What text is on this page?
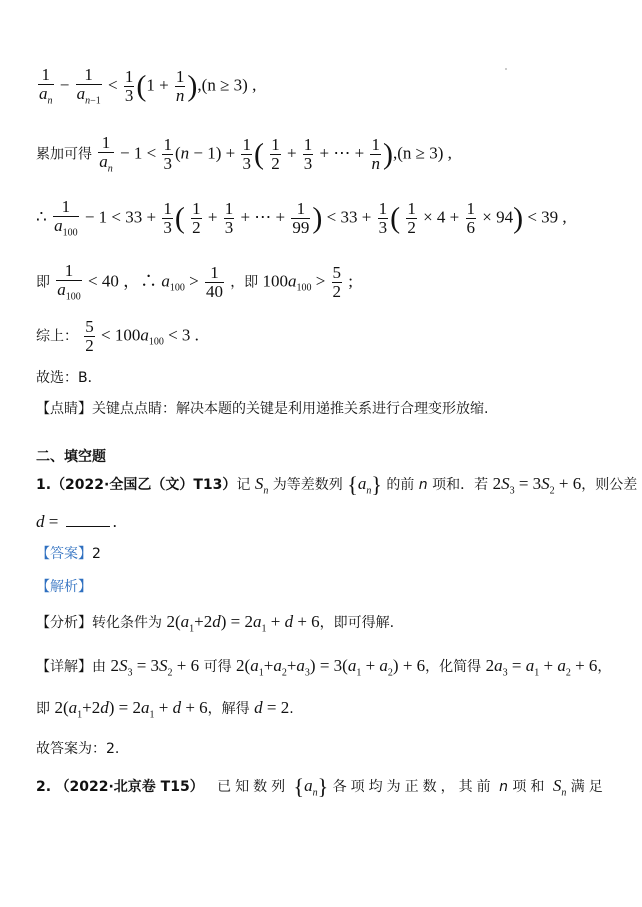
$\frac{1}{a_n} - \frac{1}{a_{n-1}} < \frac{1}{3} (1 + \frac{1}{n} ),(n \ge 3)$ ,
累加可得 $\frac{1}{a_n} - 1 < \frac{1}{3} (n - 1) + \frac{1}{3}$ ( $\frac{1}{2} + \frac{1}{3}$ + ⋯ + $\frac{1}{n} ),(n \ge 3)$ ,
∴ $\frac{1}{a_{100}} - 1 < 33 + \frac{1}{3}$ ( $\frac{1}{2} + \frac{1}{3}$ + ⋯ + $\frac{1}{99}$ ) < $33 + \frac{1}{3}$ ( $\frac{1}{2} \times 4 + \frac{1}{6} \times 94) < 39$ ,
即 $\frac{1}{a_{100}} < 40$ ，∴ $a_{100} > \frac{1}{40}$ ，即 $100a_{100} > \frac{5}{2}$ ;
综上： $\frac{5}{2} < 100a_{100} < 3$ .
故选：B．
【点睛】关键点点睛：解决本题的关键是利用递推关系进行合理变形放缩.
二、填空题
1.（2022·全国乙（文）T13）记 $S_n$ 为等差数列 $\{a_n\}$ 的前 n 项和．若 $2S_3 = 3S_2 + 6$，则公差
d =	.
【答案】2
【解析】
【分析】转化条件为 $2(a_1+2d) = 2a_1 + d + 6$，即可得解.
【详解】由 $2S_3 = 3S_2 + 6$ 可得 $2(a_1+a_2+a_3) = 3(a_1 + a_2) + 6$，化简得 $2a_3 = a_1 + a_2 + 6$，
即 $2(a_1+2d) = 2a_1 + d + 6$，解得 d = 2.
故答案为：2.
2. （2022·北京卷 T15） 已知数列 $\{a_n\}$ 各项均为正数，其前 n 项和 $S_n$ 满足
